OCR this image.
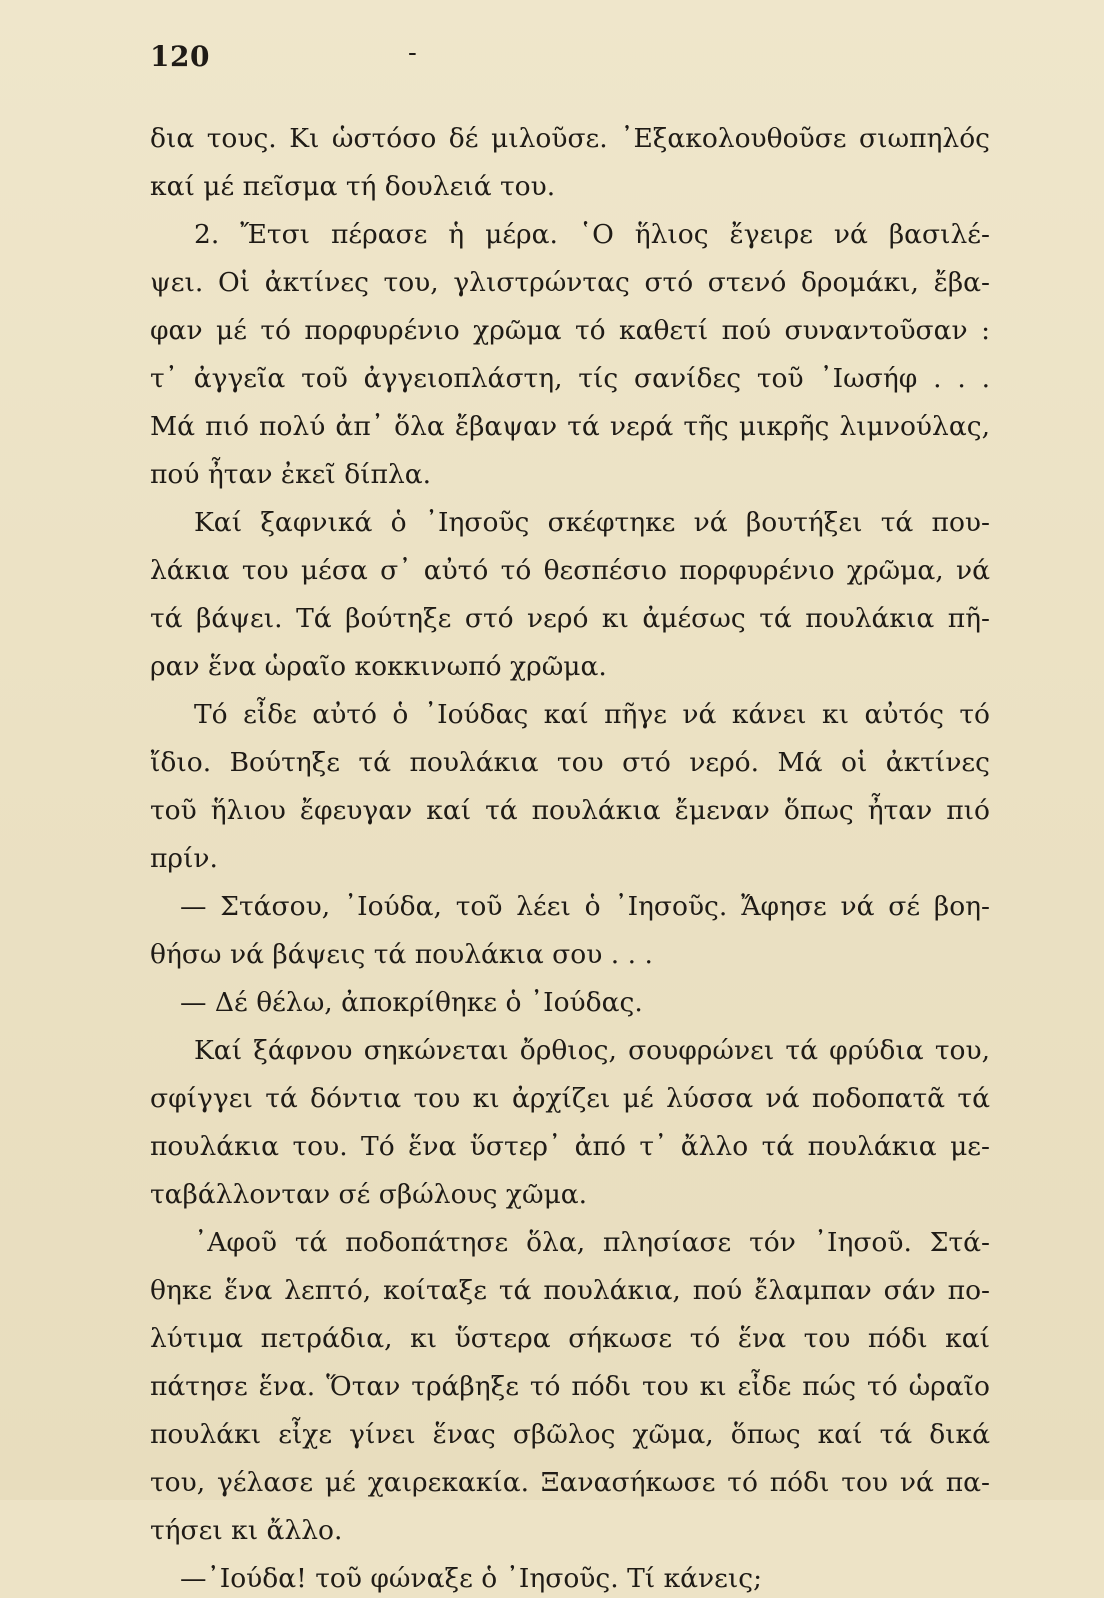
120	-
δια τους. Κι ὡστόσο δέ μιλοῦσε. ᾿Εξακολουθοῦσε σιωπηλός
καί μέ πεῖσμα τή δουλειά του.
2. Ἔτσι πέρασε ἡ μέρα. ῾Ο ἥλιος ἔγειρε νά βασιλέ-
ψει. Οἱ ἀκτίνες του, γλιστρώντας στό στενό δρομάκι, ἔβα-
φαν μέ τό πορφυρένιο χρῶμα τό καθετί πού συναντοῦσαν :
τ᾿ ἀγγεῖα τοῦ ἀγγειοπλάστη, τίς σανίδες τοῦ ᾿Ιωσήφ . . .
Μά πιό πολύ ἀπ᾿ ὅλα ἔβαψαν τά νερά τῆς μικρῆς λιμνούλας,
πού ἦταν ἐκεῖ δίπλα.
Καί ξαφνικά ὁ ᾿Ιησοῦς σκέφτηκε νά βουτήξει τά που-
λάκια του μέσα σ᾿ αὐτό τό θεσπέσιο πορφυρένιο χρῶμα, νά
τά βάψει. Τά βούτηξε στό νερό κι ἀμέσως τά πουλάκια πῆ-
ραν ἕνα ὡραῖο κοκκινωπό χρῶμα.
Τό εἶδε αὐτό ὁ ᾿Ιούδας καί πῆγε νά κάνει κι αὐτός τό
ἴδιο. Βούτηξε τά πουλάκια του στό νερό. Μά οἱ ἀκτίνες
τοῦ ἥλιου ἔφευγαν καί τά πουλάκια ἔμεναν ὅπως ἦταν πιό
πρίν.
— Στάσου, ᾿Ιούδα, τοῦ λέει ὁ ᾿Ιησοῦς. Ἄφησε νά σέ βοη-
θήσω νά βάψεις τά πουλάκια σου . . .
— Δέ θέλω, ἀποκρίθηκε ὁ ᾿Ιούδας.
Καί ξάφνου σηκώνεται ὄρθιος, σουφρώνει τά φρύδια του,
σφίγγει τά δόντια του κι ἀρχίζει μέ λύσσα νά ποδοπατᾶ τά
πουλάκια του. Τό ἕνα ὕστερ᾿ ἀπό τ᾿ ἄλλο τά πουλάκια με-
ταβάλλονταν σέ σβώλους χῶμα.
᾿Αφοῦ τά ποδοπάτησε ὅλα, πλησίασε τόν ᾿Ιησοῦ. Στά-
θηκε ἕνα λεπτό, κοίταξε τά πουλάκια, πού ἔλαμπαν σάν πο-
λύτιμα πετράδια, κι ὕστερα σήκωσε τό ἕνα του πόδι καί
πάτησε ἕνα. Ὅταν τράβηξε τό πόδι του κι εἶδε πώς τό ὡραῖο
πουλάκι εἶχε γίνει ἕνας σβῶλος χῶμα, ὅπως καί τά δικά
του, γέλασε μέ χαιρεκακία. Ξανασήκωσε τό πόδι του νά πα-
τήσει κι ἄλλο.
—᾿Ιούδα! τοῦ φώναξε ὁ ᾿Ιησοῦς. Τί κάνεις;
